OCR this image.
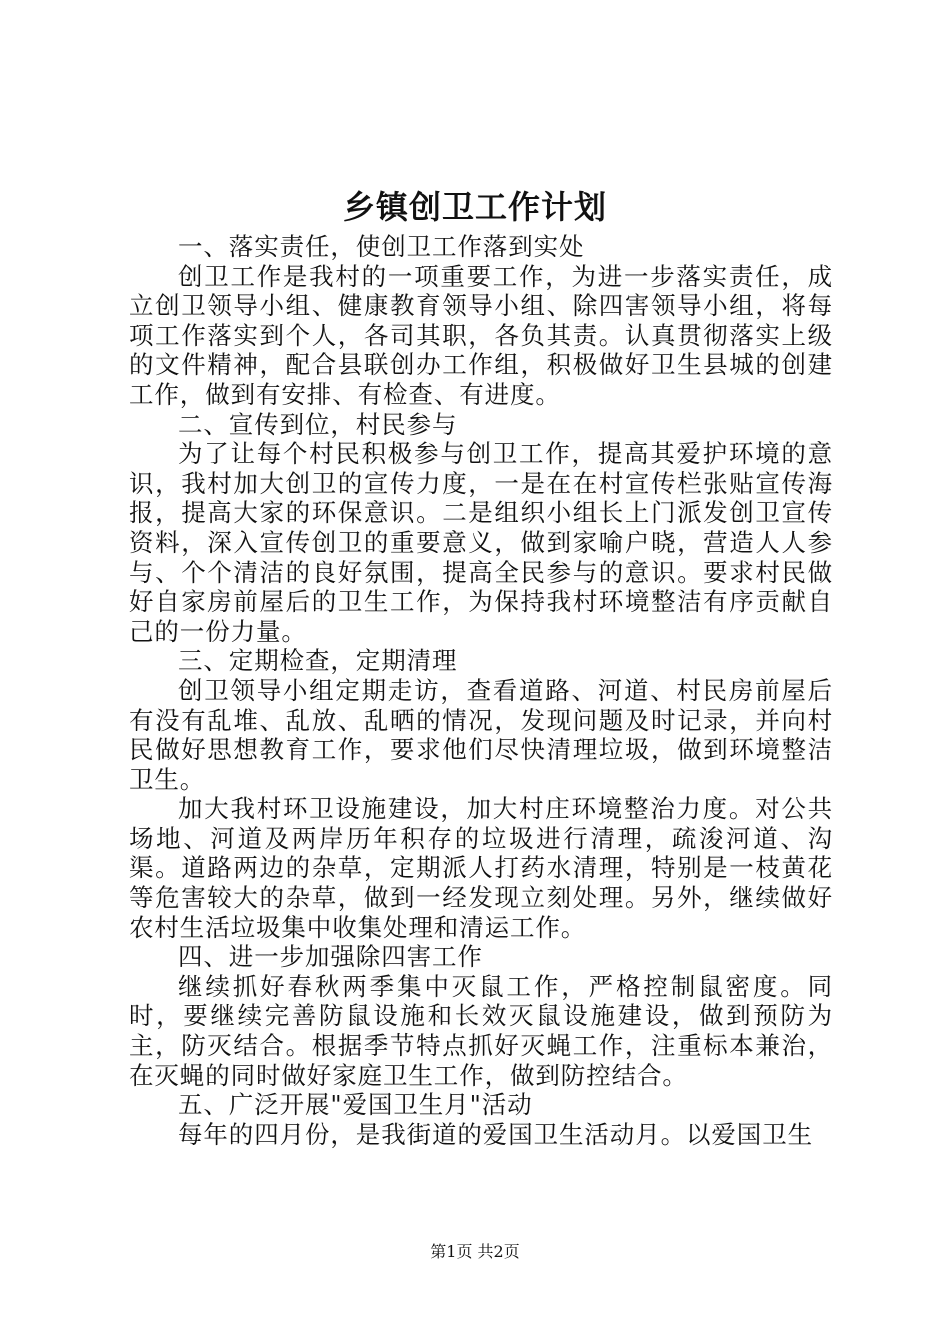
乡镇创卫工作计划

一、落实责任，使创卫工作落到实处

创卫工作是我村的一项重要工作，为进一步落实责任，成立创卫领导小组、健康教育领导小组、除四害领导小组，将每项工作落实到个人，各司其职，各负其责。认真贯彻落实上级的文件精神，配合县联创办工作组，积极做好卫生县城的创建工作，做到有安排、有检查、有进度。

二、宣传到位，村民参与

为了让每个村民积极参与创卫工作，提高其爱护环境的意识，我村加大创卫的宣传力度，一是在在村宣传栏张贴宣传海报，提高大家的环保意识。二是组织小组长上门派发创卫宣传资料，深入宣传创卫的重要意义，做到家喻户晓，营造人人参与、个个清洁的良好氛围，提高全民参与的意识。要求村民做好自家房前屋后的卫生工作，为保持我村环境整洁有序贡献自己的一份力量。

三、定期检查，定期清理

创卫领导小组定期走访，查看道路、河道、村民房前屋后有没有乱堆、乱放、乱晒的情况，发现问题及时记录，并向村民做好思想教育工作，要求他们尽快清理垃圾，做到环境整洁卫生。

加大我村环卫设施建设，加大村庄环境整治力度。对公共场地、河道及两岸历年积存的垃圾进行清理，疏浚河道、沟渠。道路两边的杂草，定期派人打药水清理，特别是一枝黄花等危害较大的杂草，做到一经发现立刻处理。另外，继续做好农村生活垃圾集中收集处理和清运工作。

四、进一步加强除四害工作

继续抓好春秋两季集中灭鼠工作，严格控制鼠密度。同时，要继续完善防鼠设施和长效灭鼠设施建设，做到预防为主，防灭结合。根据季节特点抓好灭蝇工作，注重标本兼治，在灭蝇的同时做好家庭卫生工作，做到防控结合。

五、广泛开展"爱国卫生月"活动

每年的四月份，是我街道的爱国卫生活动月。以爱国卫生

第1页 共2页
